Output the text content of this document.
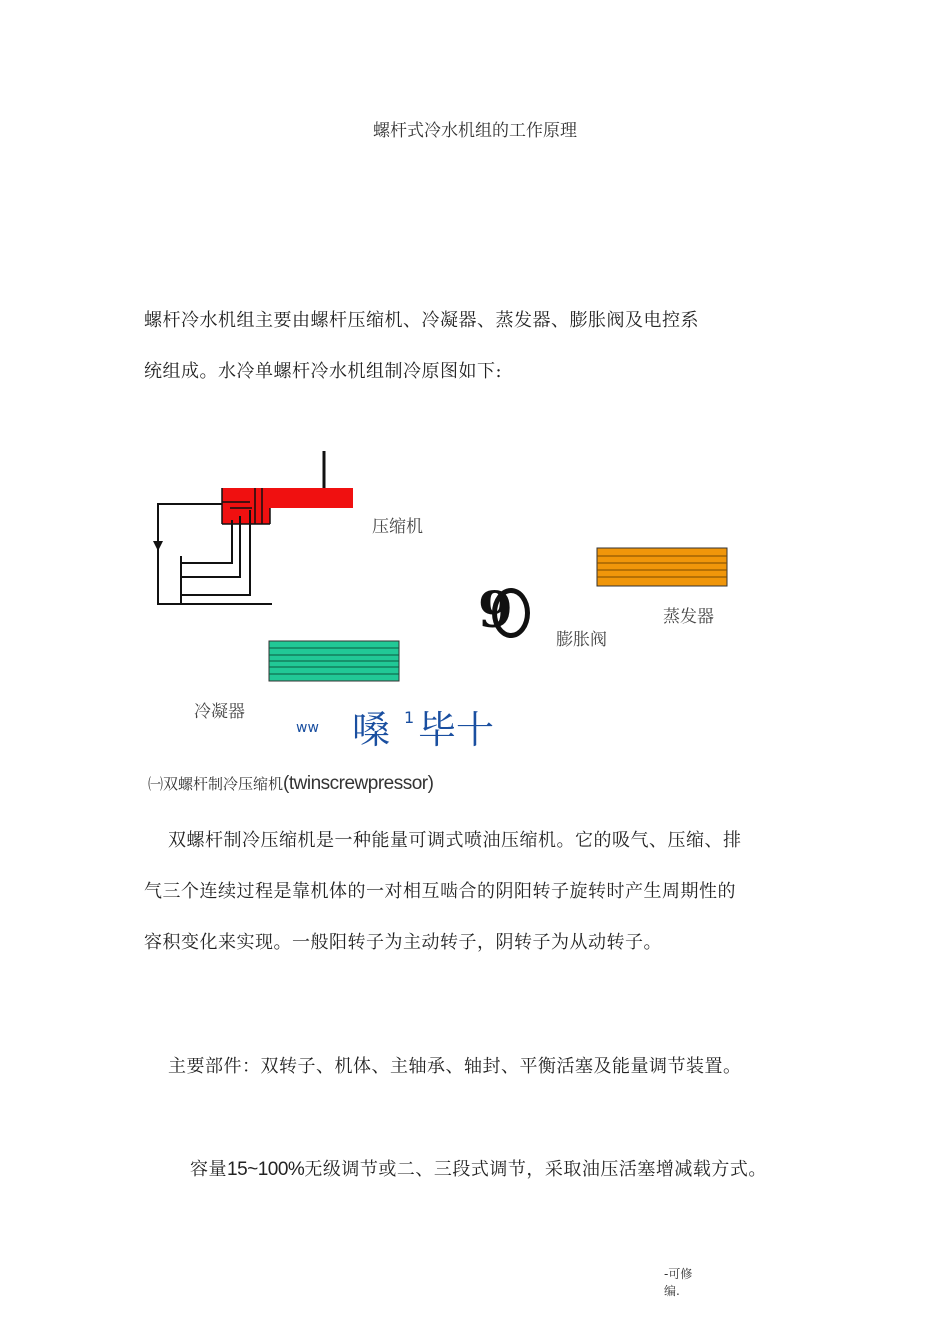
螺杆式冷水机组的工作原理
螺杆冷水机组主要由螺杆压缩机、冷凝器、蒸发器、膨胀阀及电控系
统组成。水冷单螺杆冷水机组制冷原图如下:
压缩机
蒸发器
膨胀阀
冷凝器
9
ww 嗓 1 毕十
㈠双螺杆制冷压缩机(twinscrewpressor)
双螺杆制冷压缩机是一种能量可调式喷油压缩机。它的吸气、压缩、排
气三个连续过程是靠机体的一对相互啮合的阴阳转子旋转时产生周期性的
容积变化来实现。一般阳转子为主动转子，阴转子为从动转子。
主要部件：双转子、机体、主轴承、轴封、平衡活塞及能量调节装置。
容量15~100%无级调节或二、三段式调节，采取油压活塞增减载方式。
-可修
编.
